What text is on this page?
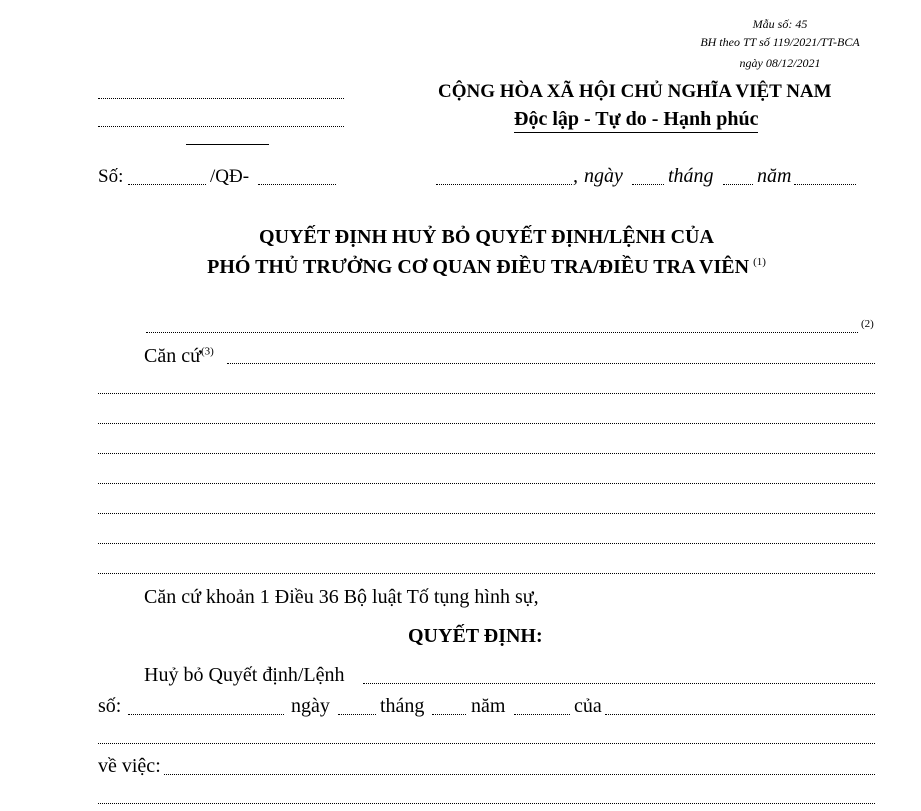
Mẫu số: 45
BH theo TT số 119/2021/TT-BCA
ngày 08/12/2021
CỘNG HÒA XÃ HỘI CHỦ NGHĨA VIỆT NAM
Độc lập - Tự do - Hạnh phúc
Số:	/QĐ-	, ngày tháng năm
QUYẾT ĐỊNH HUỶ BỎ QUYẾT ĐỊNH/LỆNH CỦA
PHÓ THỦ TRƯỞNG CƠ QUAN ĐIỀU TRA/ĐIỀU TRA VIÊN $^{(1)}$
(2)
Căn cứ$^{(3)}$
Căn cứ khoản 1 Điều 36 Bộ luật Tố tụng hình sự,
QUYẾT ĐỊNH:
Huỷ bỏ Quyết định/Lệnh
số:	ngày	tháng năm	của
về việc:
